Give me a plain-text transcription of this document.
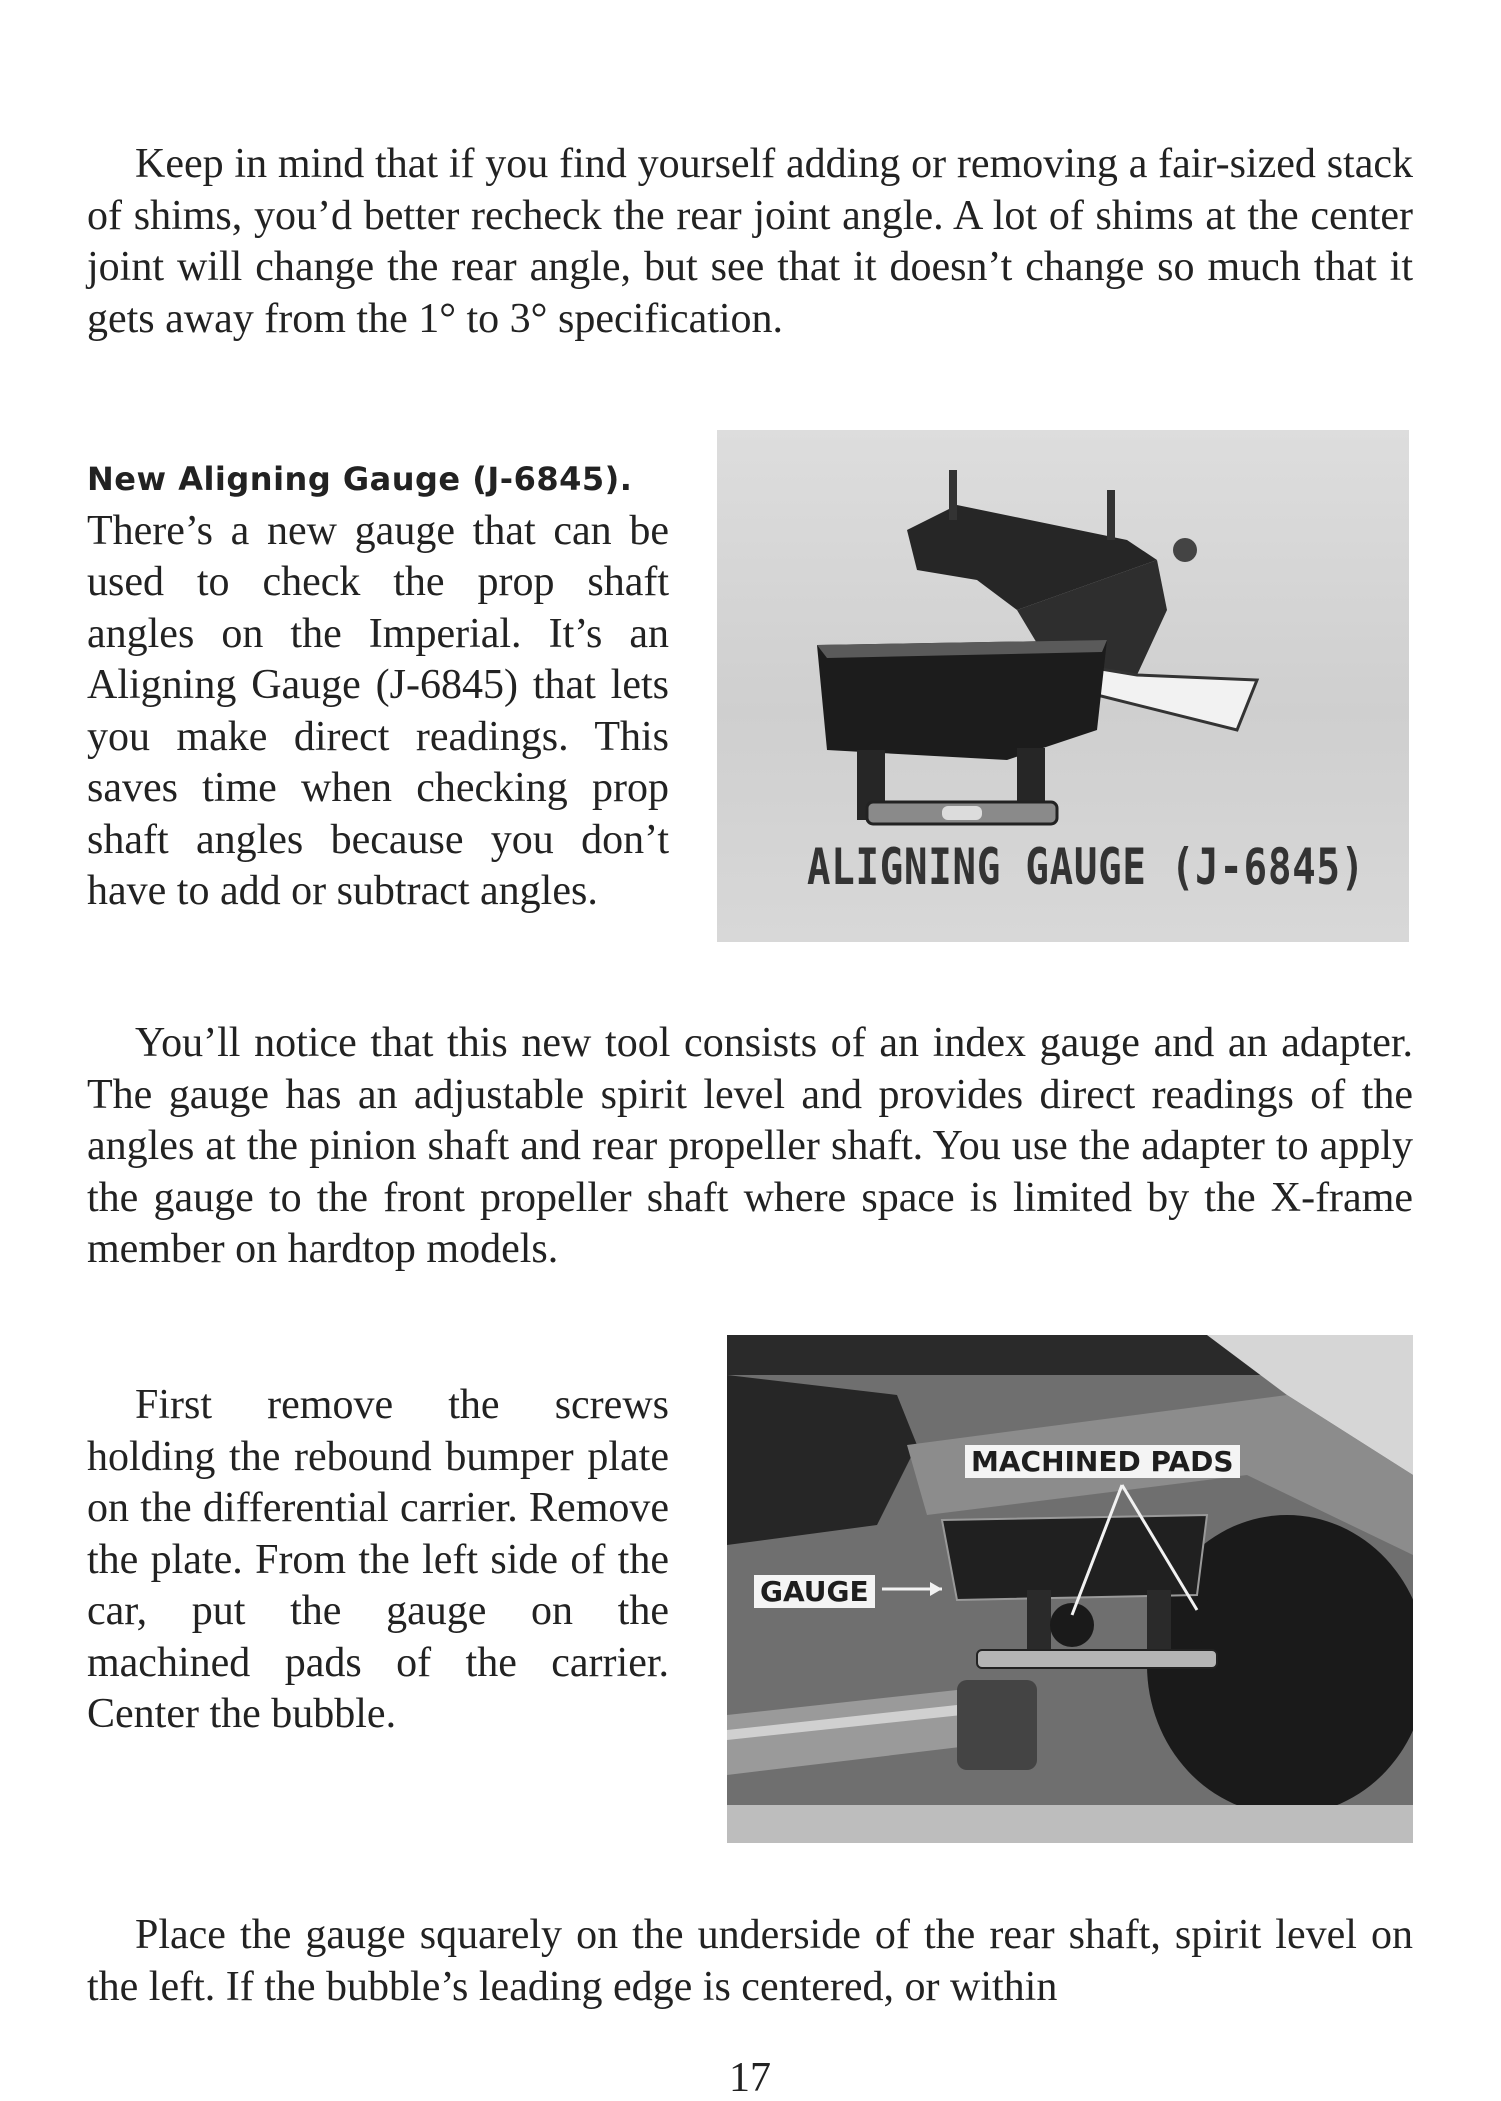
Keep in mind that if you find yourself adding or removing a fair-sized stack of shims, you’d better recheck the rear joint angle. A lot of shims at the center joint will change the rear angle, but see that it doesn’t change so much that it gets away from the 1° to 3° specification.

New Aligning Gauge (J-6845).
There’s a new gauge that can be used to check the prop shaft angles on the Imperial. It’s an Aligning Gauge (J-6845) that lets you make direct readings. This saves time when checking prop shaft angles because you don’t have to add or subtract angles.	ALIGNING GAUGE (J-6845)

You’ll notice that this new tool consists of an index gauge and an adapter. The gauge has an adjustable spirit level and provides direct readings of the angles at the pinion shaft and rear propeller shaft. You use the adapter to apply the gauge to the front propeller shaft where space is limited by the X-frame member on hardtop models.

First remove the screws holding the rebound bumper plate on the differential carrier. Remove the plate. From the left side of the car, put the gauge on the machined pads of the carrier. Center the bubble.

MACHINED PADS
GAUGE

Place the gauge squarely on the underside of the rear shaft, spirit level on the left. If the bubble’s leading edge is centered, or within

17
